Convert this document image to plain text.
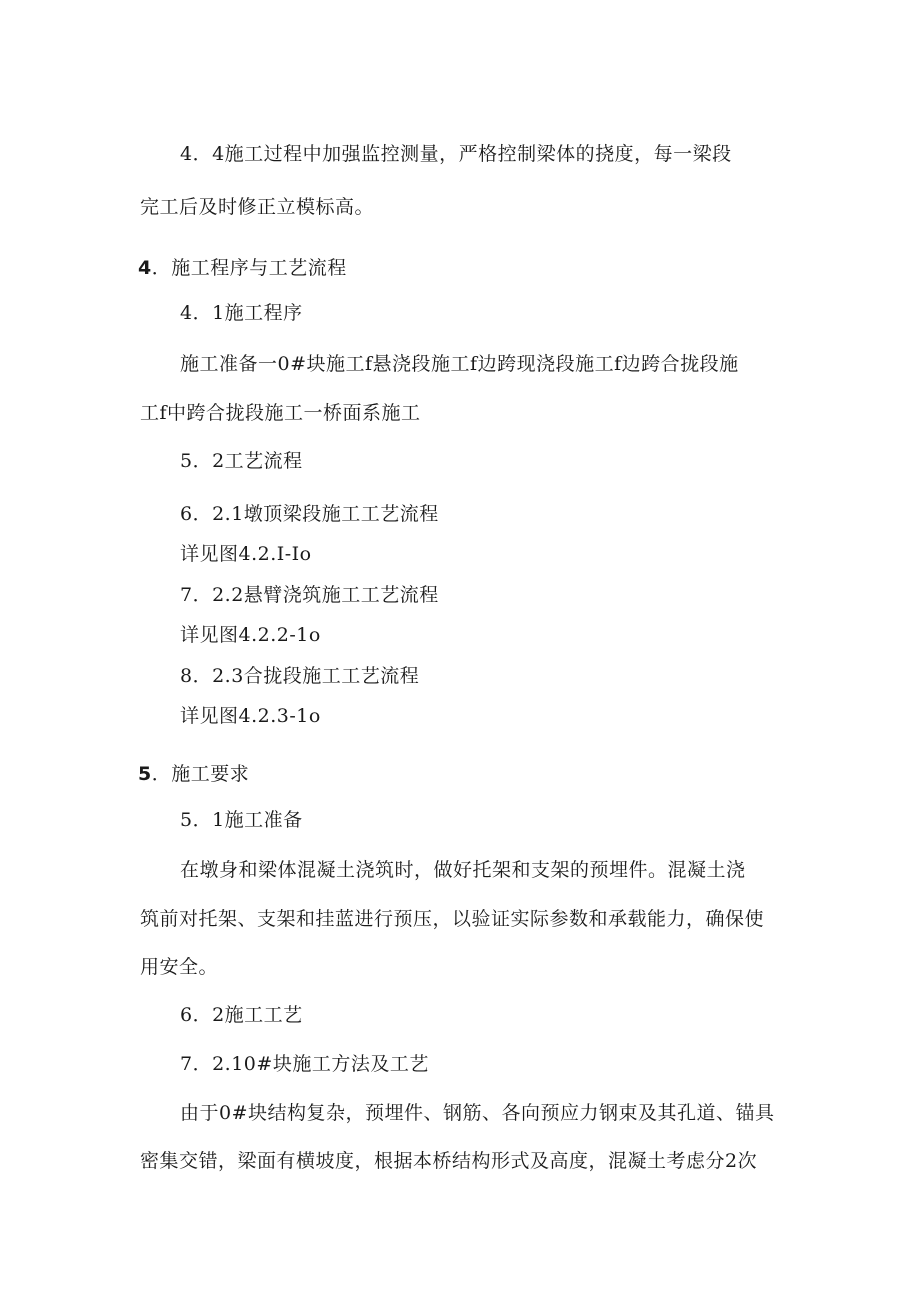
4．4施工过程中加强监控测量，严格控制梁体的挠度，每一梁段
完工后及时修正立模标高。
4．施工程序与工艺流程
4．1施工程序
施工准备一0#块施工f悬浇段施工f边跨现浇段施工f边跨合拢段施
工f中跨合拢段施工一桥面系施工
5．2工艺流程
6．2.1墩顶梁段施工工艺流程
详见图4.2.I-Io
7．2.2悬臂浇筑施工工艺流程
详见图4.2.2-1o
8．2.3合拢段施工工艺流程
详见图4.2.3-1o
5．施工要求
5．1施工准备
在墩身和梁体混凝土浇筑时，做好托架和支架的预埋件。混凝土浇
筑前对托架、支架和挂蓝进行预压，以验证实际参数和承载能力，确保使
用安全。
6．2施工工艺
7．2.10#块施工方法及工艺
由于0#块结构复杂，预埋件、钢筋、各向预应力钢束及其孔道、锚具
密集交错，梁面有横坡度，根据本桥结构形式及高度，混凝土考虑分2次
